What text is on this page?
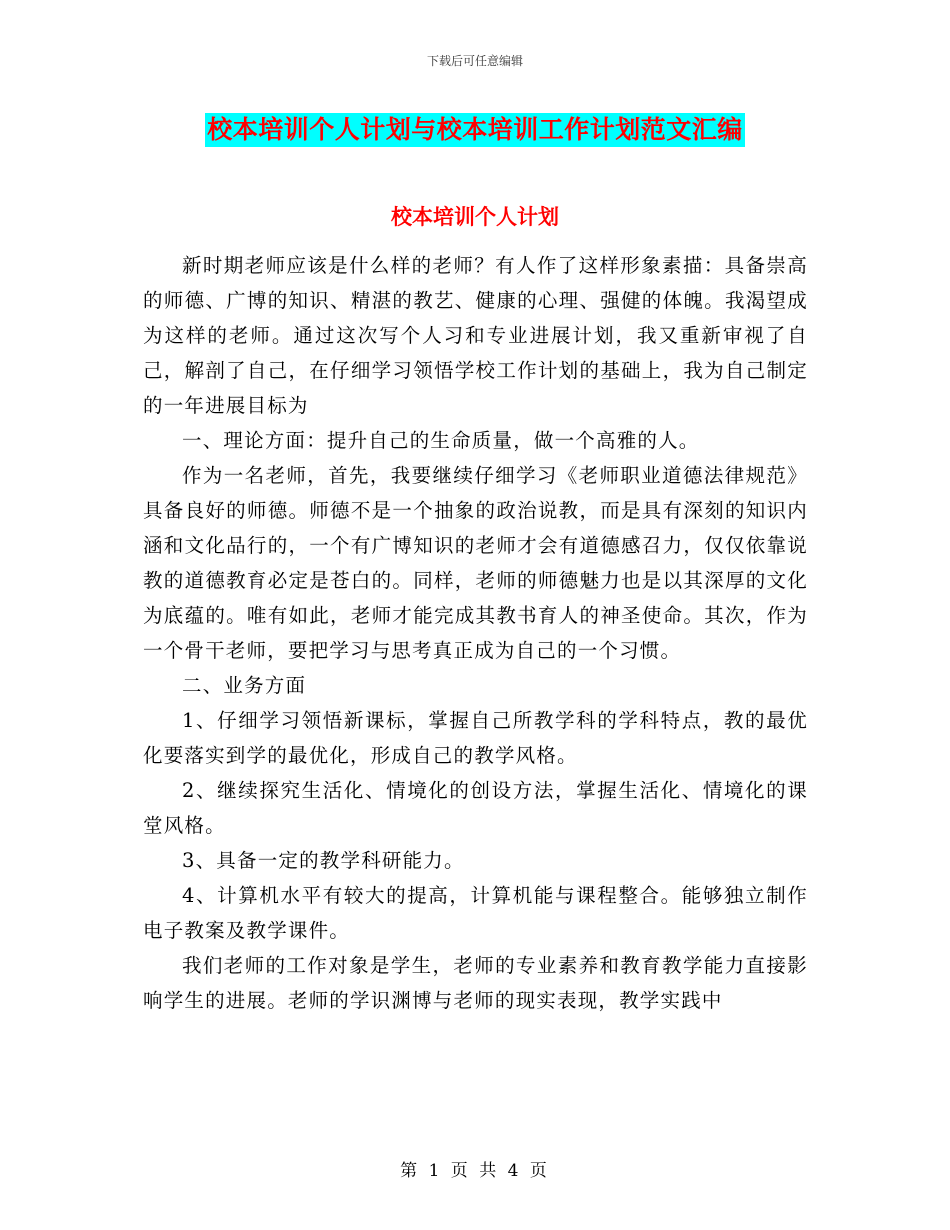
下载后可任意编辑
校本培训个人计划与校本培训工作计划范文汇编
校本培训个人计划

新时期老师应该是什么样的老师？有人作了这样形象素描：具备崇高的师德、广博的知识、精湛的教艺、健康的心理、强健的体魄。我渴望成为这样的老师。通过这次写个人习和专业进展计划，我又重新审视了自己，解剖了自己，在仔细学习领悟学校工作计划的基础上，我为自己制定的一年进展目标为

一、理论方面：提升自己的生命质量，做一个高雅的人。

作为一名老师，首先，我要继续仔细学习《老师职业道德法律规范》具备良好的师德。师德不是一个抽象的政治说教，而是具有深刻的知识内涵和文化品行的，一个有广博知识的老师才会有道德感召力，仅仅依靠说教的道德教育必定是苍白的。同样，老师的师德魅力也是以其深厚的文化为底蕴的。唯有如此，老师才能完成其教书育人的神圣使命。其次，作为一个骨干老师，要把学习与思考真正成为自己的一个习惯。

二、业务方面

1、仔细学习领悟新课标，掌握自己所教学科的学科特点，教的最优化要落实到学的最优化，形成自己的教学风格。

2、继续探究生活化、情境化的创设方法，掌握生活化、情境化的课堂风格。

3、具备一定的教学科研能力。

4、计算机水平有较大的提高，计算机能与课程整合。能够独立制作电子教案及教学课件。

我们老师的工作对象是学生，老师的专业素养和教育教学能力直接影响学生的进展。老师的学识渊博与老师的现实表现，教学实践中

第 1 页 共 4 页
